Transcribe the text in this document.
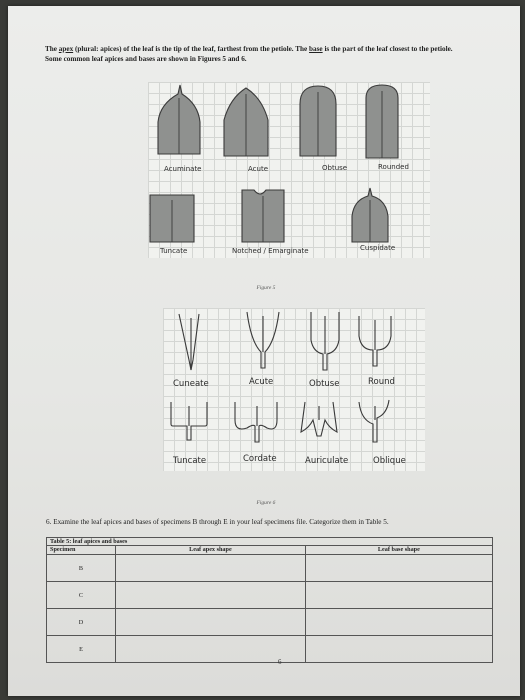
The apex (plural: apices) of the leaf is the tip of the leaf, farthest from the petiole. The base is the part of the leaf closest to the petiole.
Some common leaf apices and bases are shown in Figures 5 and 6.
Acuminate	Acute	Obtuse	Rounded
Tuncate	Notched / Emarginate	Cuspidate
Figure 5
Cuneate	Acute	Obtuse	Round
Tuncate	Cordate	Auriculate	Oblique
Figure 6
6. Examine the leaf apices and bases of specimens B through E in your leaf specimens file. Categorize them in Table 5.
Table 5: leaf apices and bases		
Specimen	Leaf apex shape	Leaf base shape
B		
C		
D		
E		
6
